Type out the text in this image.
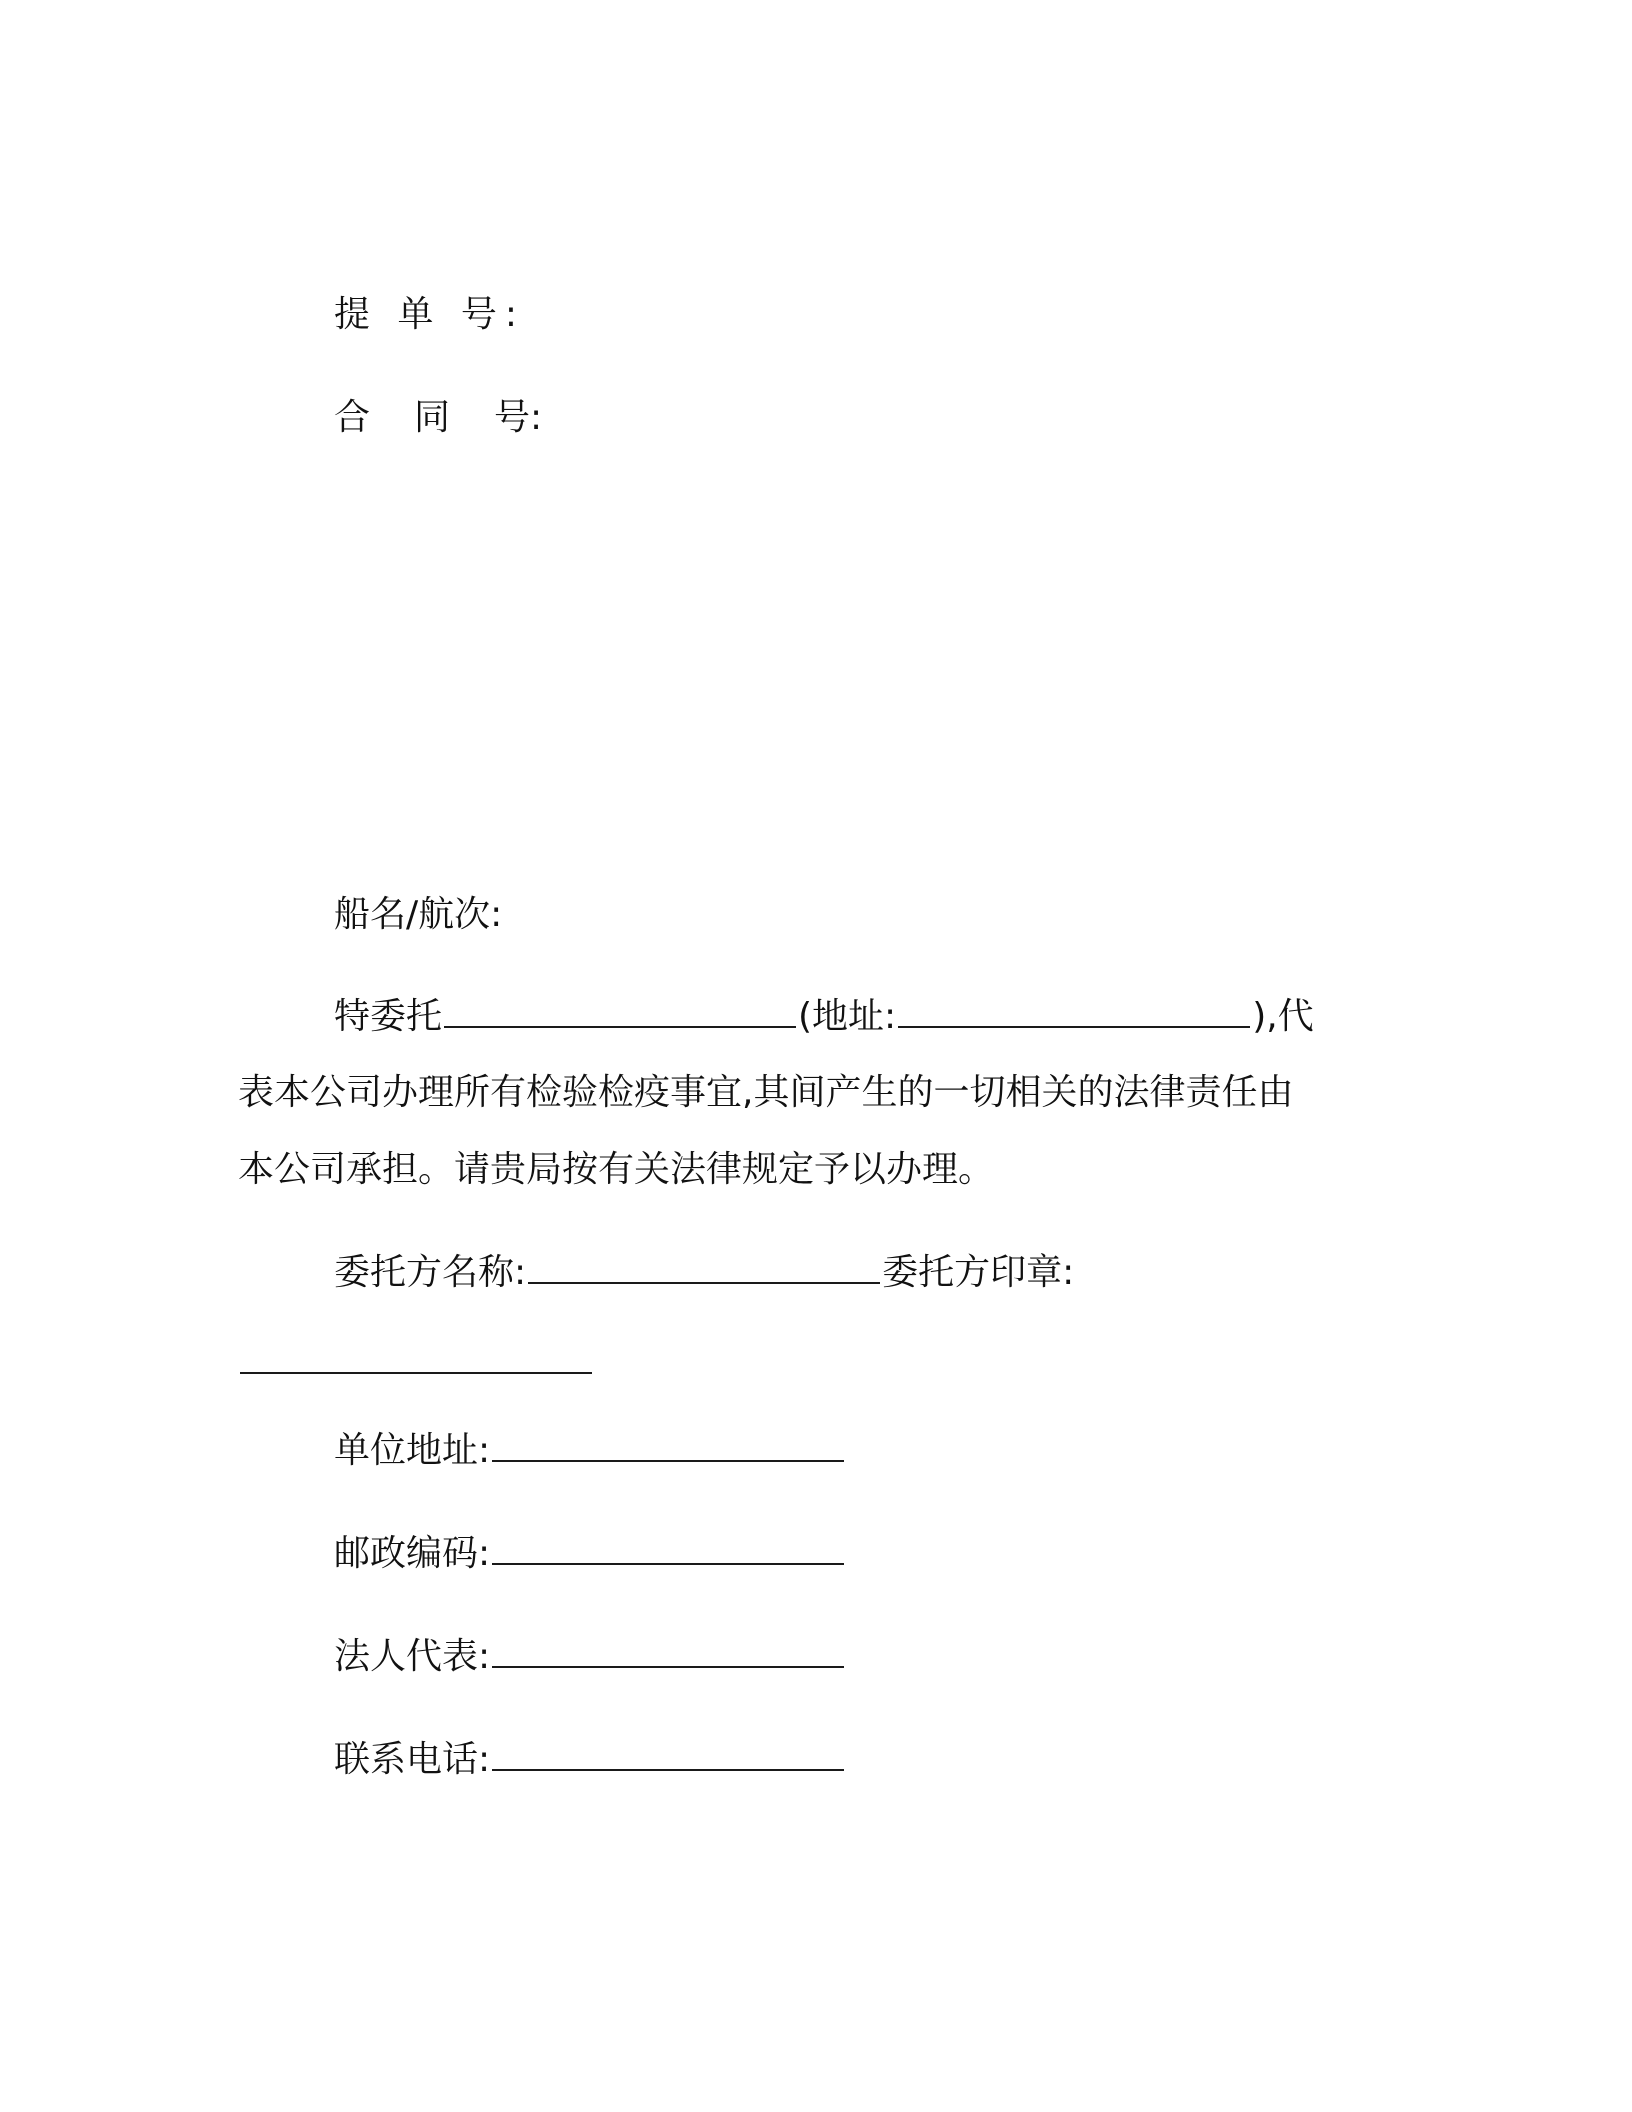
提 单 号:
合 同 号:
船名/航次:
特委托	(地址:	),代
表本公司办理所有检验检疫事宜,其间产生的一切相关的法律责任由
本公司承担。请贵局按有关法律规定予以办理。
委托方名称:	委托方印章:
单位地址:
邮政编码:
法人代表:
联系电话:
